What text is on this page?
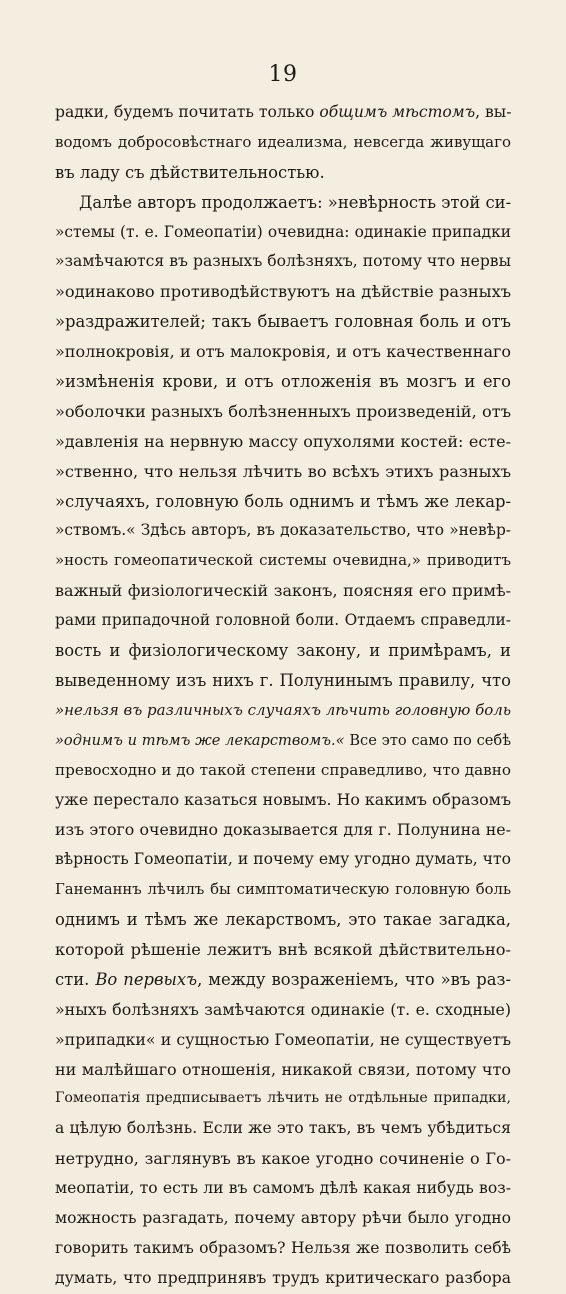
19
радки, будемъ почитать только общимъ мѣстомъ, вы-
водомъ добросовѣстнаго идеализма, невсегда живущаго
въ ладу съ дѣйствительностью.
Далѣе авторъ продолжаетъ: »невѣрность этой си-
»стемы (т. е. Гомеопатіи) очевидна: одинакіе припадки
»замѣчаются въ разныхъ болѣзняхъ, потому что нервы
»одинаково противодѣйствуютъ на дѣйствіе разныхъ
»раздражителей; такъ бываетъ головная боль и отъ
»полнокровія, и отъ малокровія, и отъ качественнаго
»измѣненія крови, и отъ отложенія въ мозгъ и его
»оболочки разныхъ болѣзненныхъ произведеній, отъ
»давленія на нервную массу опухолями костей: есте-
»ственно, что нельзя лѣчить во всѣхъ этихъ разныхъ
»случаяхъ, головную боль однимъ и тѣмъ же лекар-
»ствомъ.« Здѣсь авторъ, въ доказательство, что »невѣр-
»ность гомеопатической системы очевидна,» приводитъ
важный физіологическій законъ, поясняя его примѣ-
рами припадочной головной боли. Отдаемъ справедли-
вость и физіологическому закону, и примѣрамъ, и
выведенному изъ нихъ г. Полунинымъ правилу, что
»нельзя въ различныхъ случаяхъ лѣчить головную боль
»однимъ и тѣмъ же лекарствомъ.« Все это само по себѣ
превосходно и до такой степени справедливо, что давно
уже перестало казаться новымъ. Но какимъ образомъ
изъ этого очевидно доказывается для г. Полунина не-
вѣрность Гомеопатіи, и почему ему угодно думать, что
Ганеманнъ лѣчилъ бы симптоматическую головную боль
однимъ и тѣмъ же лекарствомъ, это такае загадка,
которой рѣшеніе лежитъ внѣ всякой дѣйствительно-
сти. Во первыхъ, между возраженіемъ, что »въ раз-
»ныхъ болѣзняхъ замѣчаются одинакіе (т. е. сходные)
»припадки« и сущностью Гомеопатіи, не существуетъ
ни малѣйшаго отношенія, никакой связи, потому что
Гомеопатія предписываетъ лѣчить не отдѣльные припадки,
а цѣлую болѣзнь. Если же это такъ, въ чемъ убѣдиться
нетрудно, заглянувъ въ какое угодно сочиненіе о Го-
меопатіи, то есть ли въ самомъ дѣлѣ какая нибудь воз-
можность разгадать, почему автору рѣчи было угодно
говорить такимъ образомъ? Нельзя же позволить себѣ
думать, что предпринявъ трудъ критическаго разбора
